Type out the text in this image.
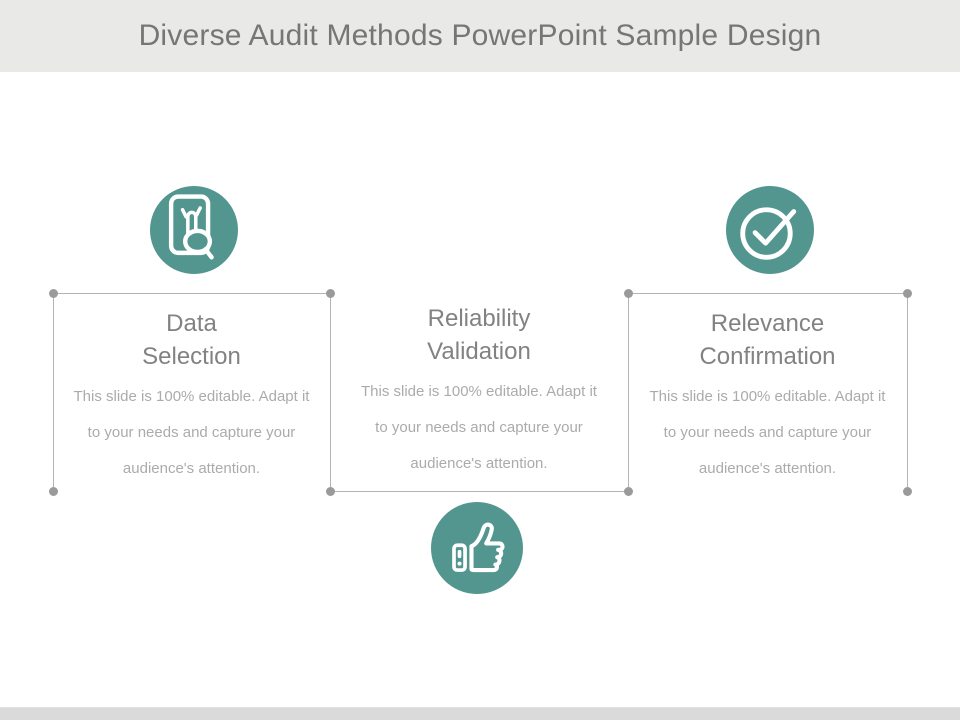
Diverse Audit Methods PowerPoint Sample Design
Data
Selection

This slide is 100% editable. Adapt it
to your needs and capture your
audience's attention.

Reliability
Validation

This slide is 100% editable. Adapt it
to your needs and capture your
audience's attention.

Relevance
Confirmation

This slide is 100% editable. Adapt it
to your needs and capture your
audience's attention.
